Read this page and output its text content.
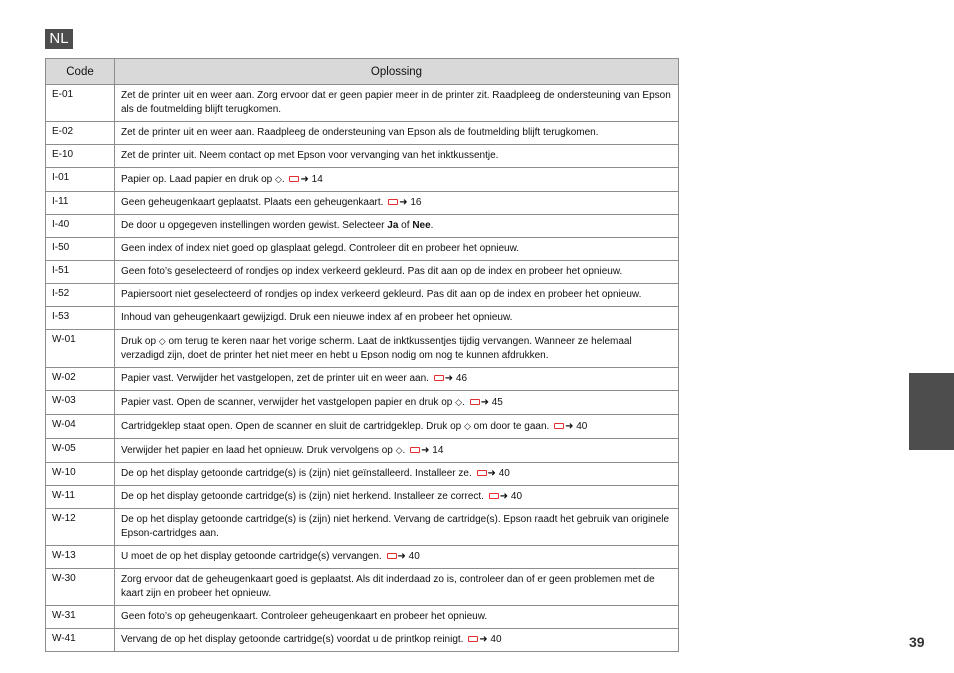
NL
39
Code	Oplossing
E-01	Zet de printer uit en weer aan. Zorg ervoor dat er geen papier meer in de printer zit. Raadpleeg de ondersteuning van Epson als de foutmelding blijft terugkomen.
E-02	Zet de printer uit en weer aan. Raadpleeg de ondersteuning van Epson als de foutmelding blijft terugkomen.
E-10	Zet de printer uit. Neem contact op met Epson voor vervanging van het inktkussentje.
I-01	Papier op. Laad papier en druk op ◇. ➜ 14
I-11	Geen geheugenkaart geplaatst. Plaats een geheugenkaart. ➜ 16
I-40	De door u opgegeven instellingen worden gewist. Selecteer Ja of Nee.
I-50	Geen index of index niet goed op glasplaat gelegd. Controleer dit en probeer het opnieuw.
I-51	Geen foto’s geselecteerd of rondjes op index verkeerd gekleurd. Pas dit aan op de index en probeer het opnieuw.
I-52	Papiersoort niet geselecteerd of rondjes op index verkeerd gekleurd. Pas dit aan op de index en probeer het opnieuw.
I-53	Inhoud van geheugenkaart gewijzigd. Druk een nieuwe index af en probeer het opnieuw.
W-01	Druk op ◇ om terug te keren naar het vorige scherm. Laat de inktkussentjes tijdig vervangen. Wanneer ze helemaal verzadigd zijn, doet de printer het niet meer en hebt u Epson nodig om nog te kunnen afdrukken.
W-02	Papier vast. Verwijder het vastgelopen, zet de printer uit en weer aan. ➜ 46
W-03	Papier vast. Open de scanner, verwijder het vastgelopen papier en druk op ◇. ➜ 45
W-04	Cartridgeklep staat open. Open de scanner en sluit de cartridgeklep. Druk op ◇ om door te gaan. ➜ 40
W-05	Verwijder het papier en laad het opnieuw. Druk vervolgens op ◇. ➜ 14
W-10	De op het display getoonde cartridge(s) is (zijn) niet geïnstalleerd. Installeer ze. ➜ 40
W-11	De op het display getoonde cartridge(s) is (zijn) niet herkend. Installeer ze correct. ➜ 40
W-12	De op het display getoonde cartridge(s) is (zijn) niet herkend. Vervang de cartridge(s). Epson raadt het gebruik van originele Epson-cartridges aan.
W-13	U moet de op het display getoonde cartridge(s) vervangen. ➜ 40
W-30	Zorg ervoor dat de geheugenkaart goed is geplaatst. Als dit inderdaad zo is, controleer dan of er geen problemen met de kaart zijn en probeer het opnieuw.
W-31	Geen foto’s op geheugenkaart. Controleer geheugenkaart en probeer het opnieuw.
W-41	Vervang de op het display getoonde cartridge(s) voordat u de printkop reinigt. ➜ 40
